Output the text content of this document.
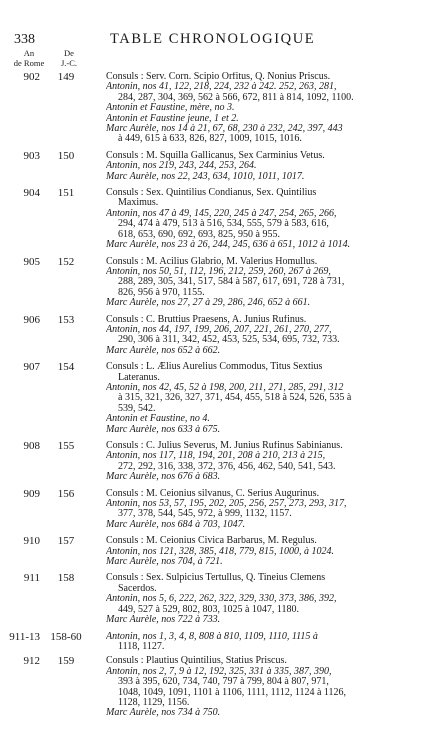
338	TABLE CHRONOLOGIQUE
An
de Rome
De
J.-C.
902	149	Consuls : Serv. Corn. Scipio Orfitus, Q. Nonius Priscus.
Antonin, nos 41, 122, 218, 224, 232 à 242. 252, 263, 281,
284, 287, 304, 369, 562 à 566, 672, 811 à 814, 1092, 1100.
Antonin et Faustine, mère, no 3.
Antonin et Faustine jeune, 1 et 2.
Marc Aurèle, nos 14 à 21, 67, 68, 230 à 232, 242, 397, 443
à 449, 615 à 633, 826, 827, 1009, 1015, 1016.
903	150	Consuls : M. Squilla Gallicanus, Sex Carminius Vetus.
Antonin, nos 219, 243, 244, 253, 264.
Marc Aurèle, nos 22, 243, 634, 1010, 1011, 1017.
904	151	Consuls : Sex. Quintilius Condianus, Sex. Quintilius
Maximus.
Antonin, nos 47 à 49, 145, 220, 245 à 247, 254, 265, 266,
294, 474 à 479, 513 à 516, 534, 555, 579 à 583, 616,
618, 653, 690, 692, 693, 825, 950 à 955.
Marc Aurèle, nos 23 à 26, 244, 245, 636 à 651, 1012 à 1014.
905	152	Consuls : M. Acilius Glabrio, M. Valerius Homullus.
Antonin, nos 50, 51, 112, 196, 212, 259, 260, 267 à 269,
288, 289, 305, 341, 517, 584 à 587, 617, 691, 728 à 731,
826, 956 à 970, 1155.
Marc Aurèle, nos 27, 27 à 29, 286, 246, 652 à 661.
906	153	Consuls : C. Bruttius Praesens, A. Junius Rufinus.
Antonin, nos 44, 197, 199, 206, 207, 221, 261, 270, 277,
290, 306 à 311, 342, 452, 453, 525, 534, 695, 732, 733.
Marc Aurèle, nos 652 à 662.
907	154	Consuls : L. Ælius Aurelius Commodus, Titus Sextius
Lateranus.
Antonin, nos 42, 45, 52 à 198, 200, 211, 271, 285, 291, 312
à 315, 321, 326, 327, 371, 454, 455, 518 à 524, 526, 535 à
539, 542.
Antonin et Faustine, no 4.
Marc Aurèle, nos 633 à 675.
908	155	Consuls : C. Julius Severus, M. Junius Rufinus Sabinianus.
Antonin, nos 117, 118, 194, 201, 208 à 210, 213 à 215,
272, 292, 316, 338, 372, 376, 456, 462, 540, 541, 543.
Marc Aurèle, nos 676 à 683.
909	156	Consuls : M. Ceionius silvanus, C. Serius Augurinus.
Antonin, nos 53, 57, 195, 202, 205, 256, 257, 273, 293, 317,
377, 378, 544, 545, 972, à 999, 1132, 1157.
Marc Aurèle, nos 684 à 703, 1047.
910	157	Consuls : M. Ceionius Civica Barbarus, M. Regulus.
Antonin, nos 121, 328, 385, 418, 779, 815, 1000, à 1024.
Marc Aurèle, nos 704, à 721.
911	158	Consuls : Sex. Sulpicius Tertullus, Q. Tineius Clemens
Sacerdos.
Antonin, nos 5, 6, 222, 262, 322, 329, 330, 373, 386, 392,
449, 527 à 529, 802, 803, 1025 à 1047, 1180.
Marc Aurèle, nos 722 à 733.
911-13 158-60	Antonin, nos 1, 3, 4, 8, 808 à 810, 1109, 1110, 1115 à
1118, 1127.
912	159	Consuls : Plautius Quintilius, Statius Priscus.
Antonin, nos 2, 7, 9 à 12, 192, 325, 331 à 335, 387, 390,
393 à 395, 620, 734, 740, 797 à 799, 804 à 807, 971,
1048, 1049, 1091, 1101 à 1106, 1111, 1112, 1124 à 1126,
1128, 1129, 1156.
Marc Aurèle, nos 734 à 750.
